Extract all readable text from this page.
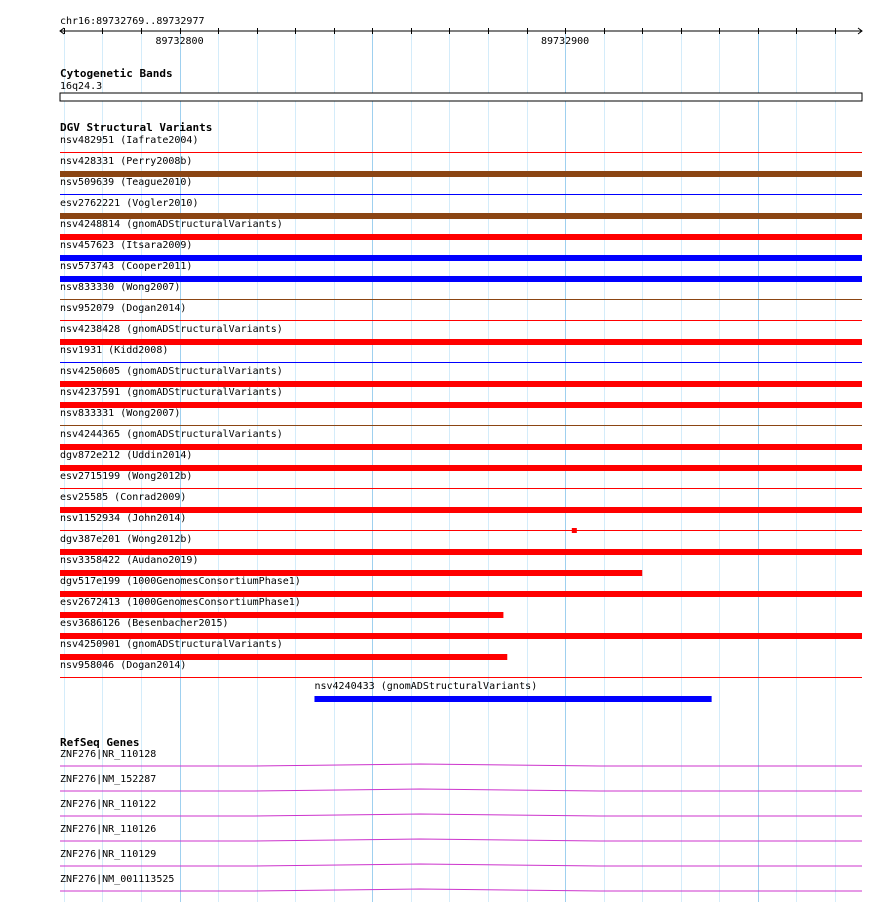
chr16:89732769..89732977
89732800	89732900
Cytogenetic Bands
16q24.3
DGV Structural Variants
nsv482951 (Iafrate2004)
nsv428331 (Perry2008b)
nsv509639 (Teague2010)
esv2762221 (Vogler2010)
nsv4248814 (gnomADStructuralVariants)
nsv457623 (Itsara2009)
nsv573743 (Cooper2011)
nsv833330 (Wong2007)
nsv952079 (Dogan2014)
nsv4238428 (gnomADStructuralVariants)
nsv1931 (Kidd2008)
nsv4250605 (gnomADStructuralVariants)
nsv4237591 (gnomADStructuralVariants)
nsv833331 (Wong2007)
nsv4244365 (gnomADStructuralVariants)
dgv872e212 (Uddin2014)
esv2715199 (Wong2012b)
esv25585 (Conrad2009)
nsv1152934 (John2014)
dgv387e201 (Wong2012b)
nsv3358422 (Audano2019)
dgv517e199 (1000GenomesConsortiumPhase1)
esv2672413 (1000GenomesConsortiumPhase1)
esv3686126 (Besenbacher2015)
nsv4250901 (gnomADStructuralVariants)
nsv958046 (Dogan2014)
nsv4240433 (gnomADStructuralVariants)
RefSeq Genes
ZNF276|NR_110128
ZNF276|NM_152287
ZNF276|NR_110122
ZNF276|NR_110126
ZNF276|NR_110129
ZNF276|NM_001113525
